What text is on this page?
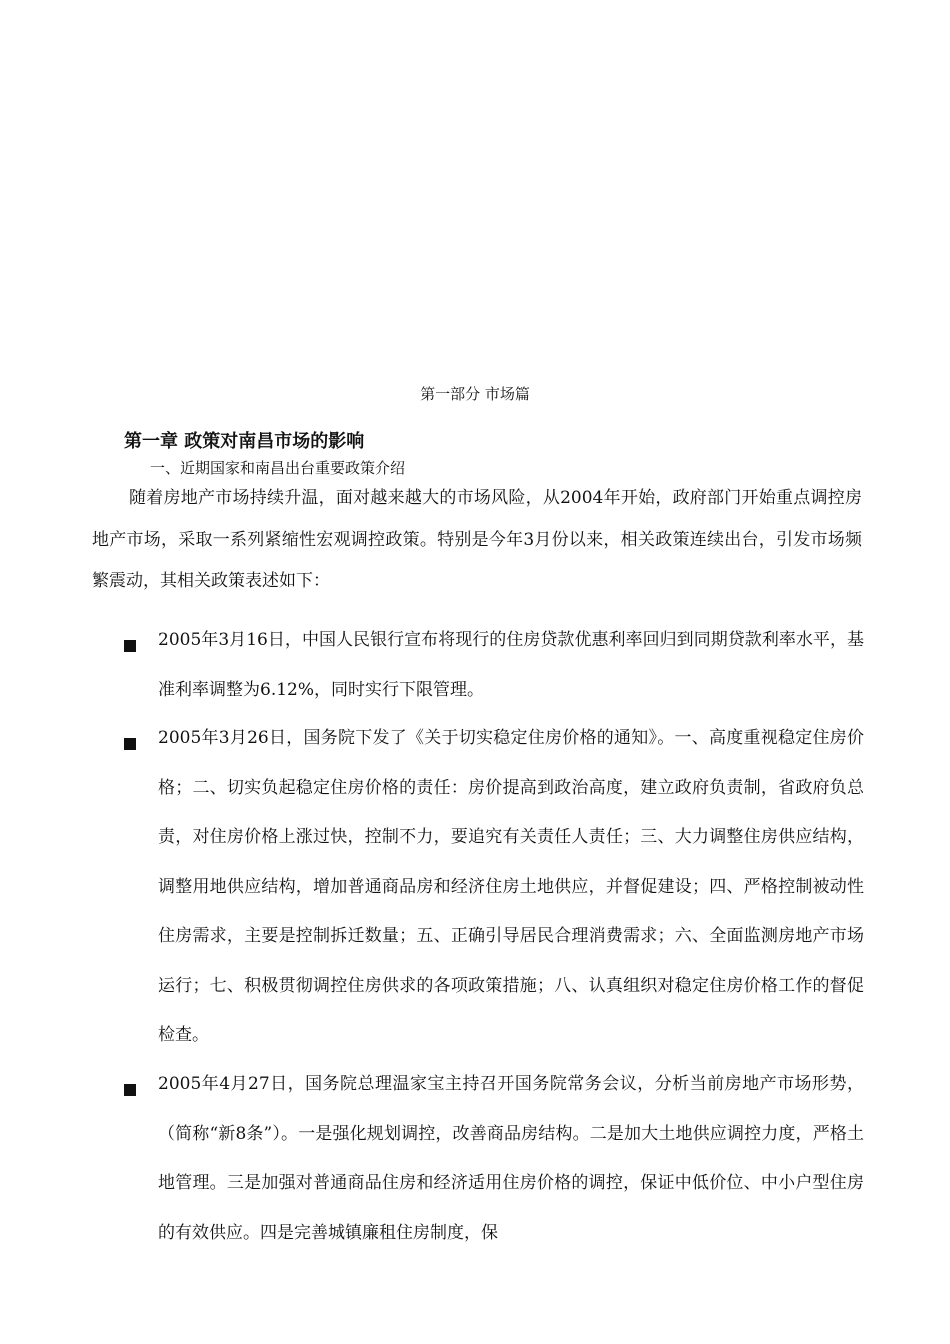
第一部分 市场篇
第一章 政策对南昌市场的影响
一、近期国家和南昌出台重要政策介绍

随着房地产市场持续升温，面对越来越大的市场风险，从2004年开始，政府部门开始重点调控房地产市场，采取一系列紧缩性宏观调控政策。特别是今年3月份以来，相关政策连续出台，引发市场频繁震动，其相关政策表述如下：

2005年3月16日，中国人民银行宣布将现行的住房贷款优惠利率回归到同期贷款利率水平，基准利率调整为6.12%，同时实行下限管理。

2005年3月26日，国务院下发了《关于切实稳定住房价格的通知》。一、高度重视稳定住房价格；二、切实负起稳定住房价格的责任：房价提高到政治高度，建立政府负责制，省政府负总责，对住房价格上涨过快，控制不力，要追究有关责任人责任；三、大力调整住房供应结构，调整用地供应结构，增加普通商品房和经济住房土地供应，并督促建设；四、严格控制被动性住房需求，主要是控制拆迁数量；五、正确引导居民合理消费需求；六、全面监测房地产市场运行；七、积极贯彻调控住房供求的各项政策措施；八、认真组织对稳定住房价格工作的督促检查。

2005年4月27日，国务院总理温家宝主持召开国务院常务会议，分析当前房地产市场形势，（简称“新8条”）。一是强化规划调控，改善商品房结构。二是加大土地供应调控力度，严格土地管理。三是加强对普通商品住房和经济适用住房价格的调控，保证中低价位、中小户型住房的有效供应。四是完善城镇廉租住房制度，保
